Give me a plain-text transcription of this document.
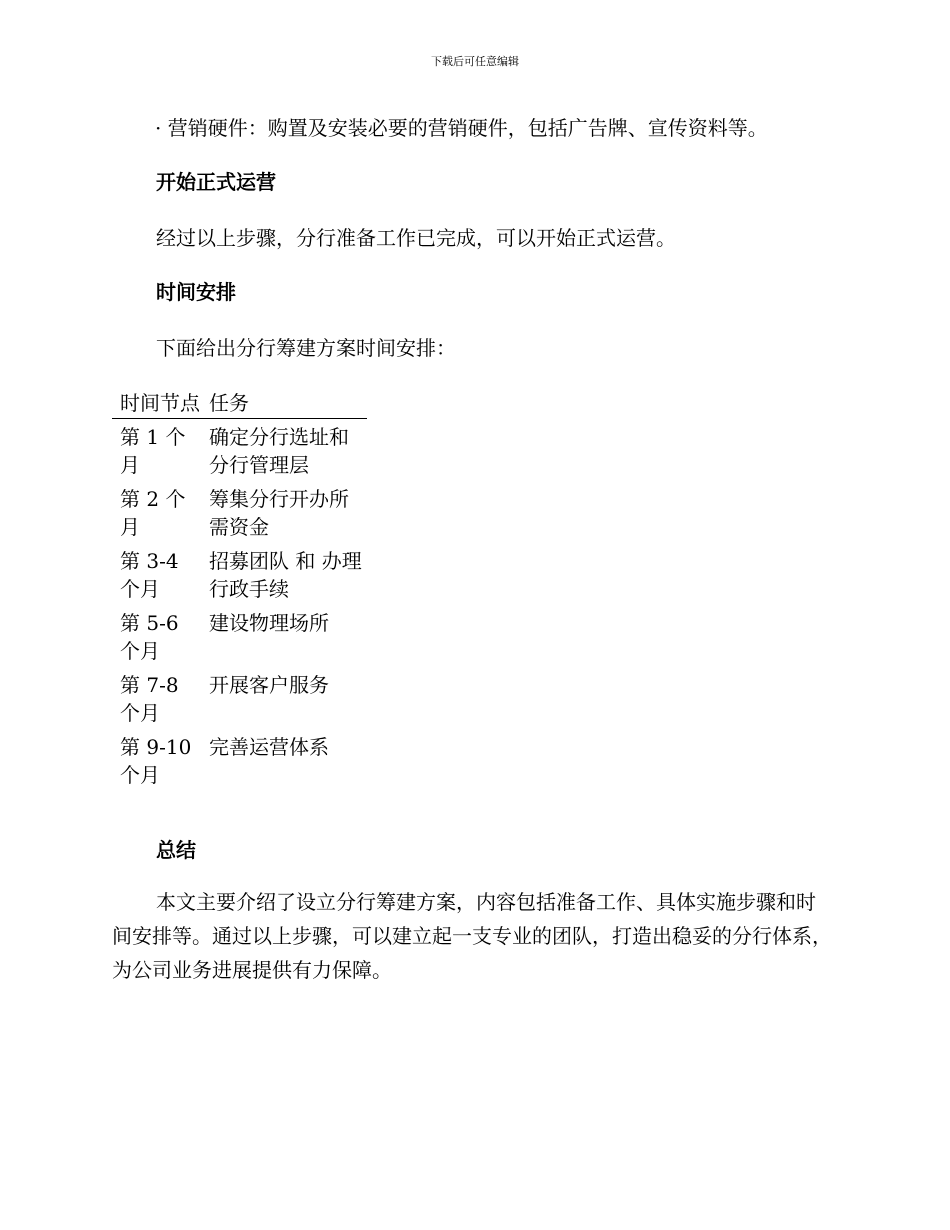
下载后可任意编辑
· 营销硬件：购置及安装必要的营销硬件，包括广告牌、宣传资料等。
开始正式运营
经过以上步骤，分行准备工作已完成，可以开始正式运营。
时间安排
下面给出分行筹建方案时间安排：
时间节点	任务
第 1 个月	确定分行选址和分行管理层
第 2 个月	筹集分行开办所需资金
第 3-4 个月	招募团队 和 办理行政手续
第 5-6 个月	建设物理场所
第 7-8 个月	开展客户服务
第 9-10 个月	完善运营体系
总结
本文主要介绍了设立分行筹建方案，内容包括准备工作、具体实施步骤和时间安排等。通过以上步骤，可以建立起一支专业的团队，打造出稳妥的分行体系，为公司业务进展提供有力保障。
